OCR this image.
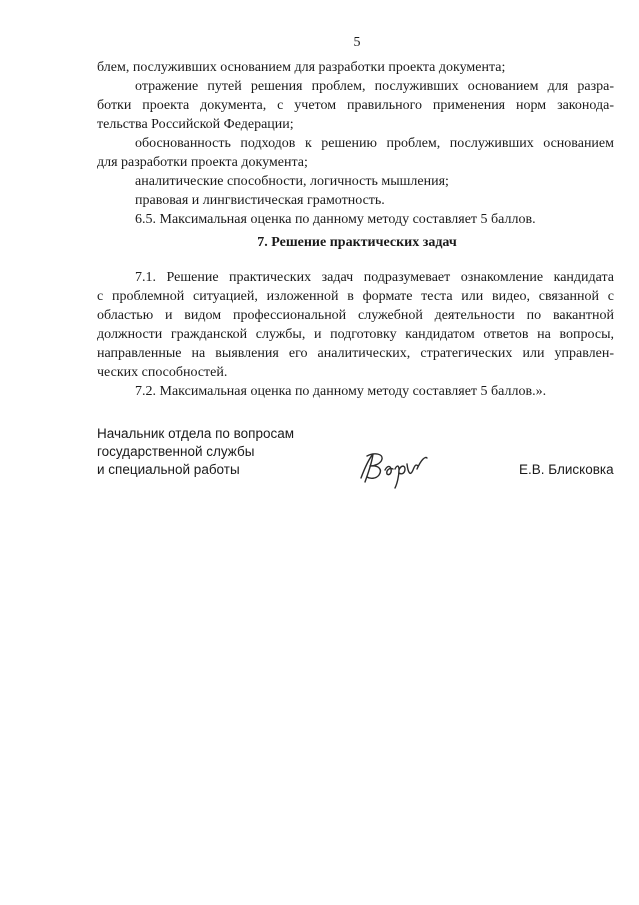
5
блем, послуживших основанием для разработки проекта документа;
отражение путей решения проблем, послуживших основанием для разра-
ботки проекта документа, с учетом правильного применения норм законода-
тельства Российской Федерации;
обоснованность подходов к решению проблем, послуживших основанием
для разработки проекта документа;
аналитические способности, логичность мышления;
правовая и лингвистическая грамотность.
6.5. Максимальная оценка по данному методу составляет 5 баллов.
7. Решение практических задач
7.1. Решение практических задач подразумевает ознакомление кандидата
с проблемной ситуацией, изложенной в формате теста или видео, связанной с
областью и видом профессиональной служебной деятельности по вакантной
должности гражданской службы, и подготовку кандидатом ответов на вопросы,
направленные на выявления его аналитических, стратегических или управлен-
ческих способностей.
7.2. Максимальная оценка по данному методу составляет 5 баллов.».
Начальник отдела по вопросам
государственной службы
и специальной работы	Е.В. Блисковка
